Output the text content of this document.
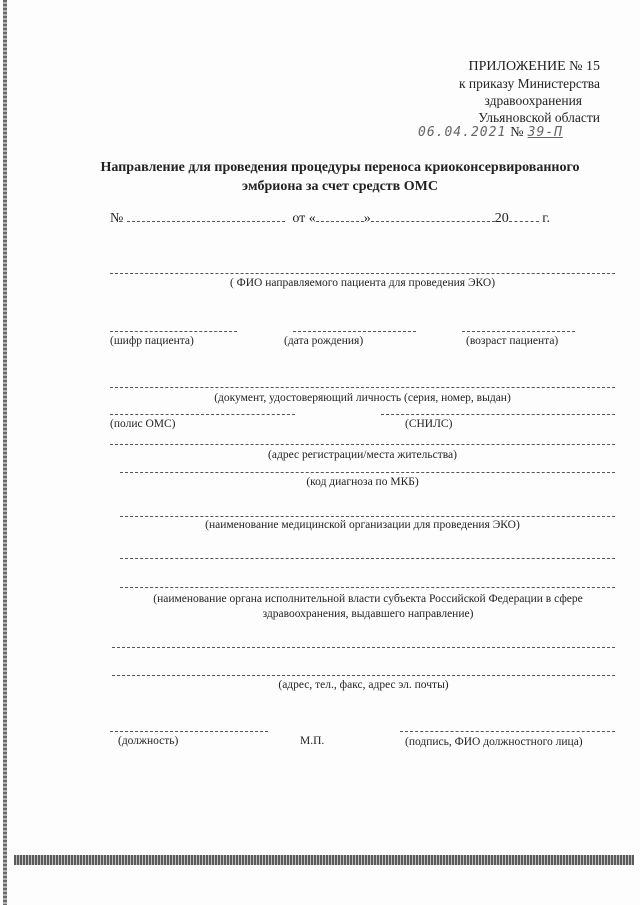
ПРИЛОЖЕНИЕ № 15
к приказу Министерства
здравоохранения
Ульяновской области
06.04.2021 № 39-П
Направление для проведения процедуры переноса криоконсервированного
эмбриона за счет средств ОМС
№	от «	»	20 г.
( ФИО направляемого пациента для проведения ЭКО)
(шифр пациента)	(дата рождения)	(возраст пациента)
(документ, удостоверяющий личность (серия, номер, выдан)
(полис ОМС)	(СНИЛС)
(адрес регистрации/места жительства)
(код диагноза по МКБ)
(наименование медицинской организации для проведения ЭКО)
(наименование органа исполнительной власти субъекта Российской Федерации в сфере здравоохранения, выдавшего направление)
(адрес, тел., факс, адрес эл. почты)
(должность)	М.П.	(подпись, ФИО должностного лица)
